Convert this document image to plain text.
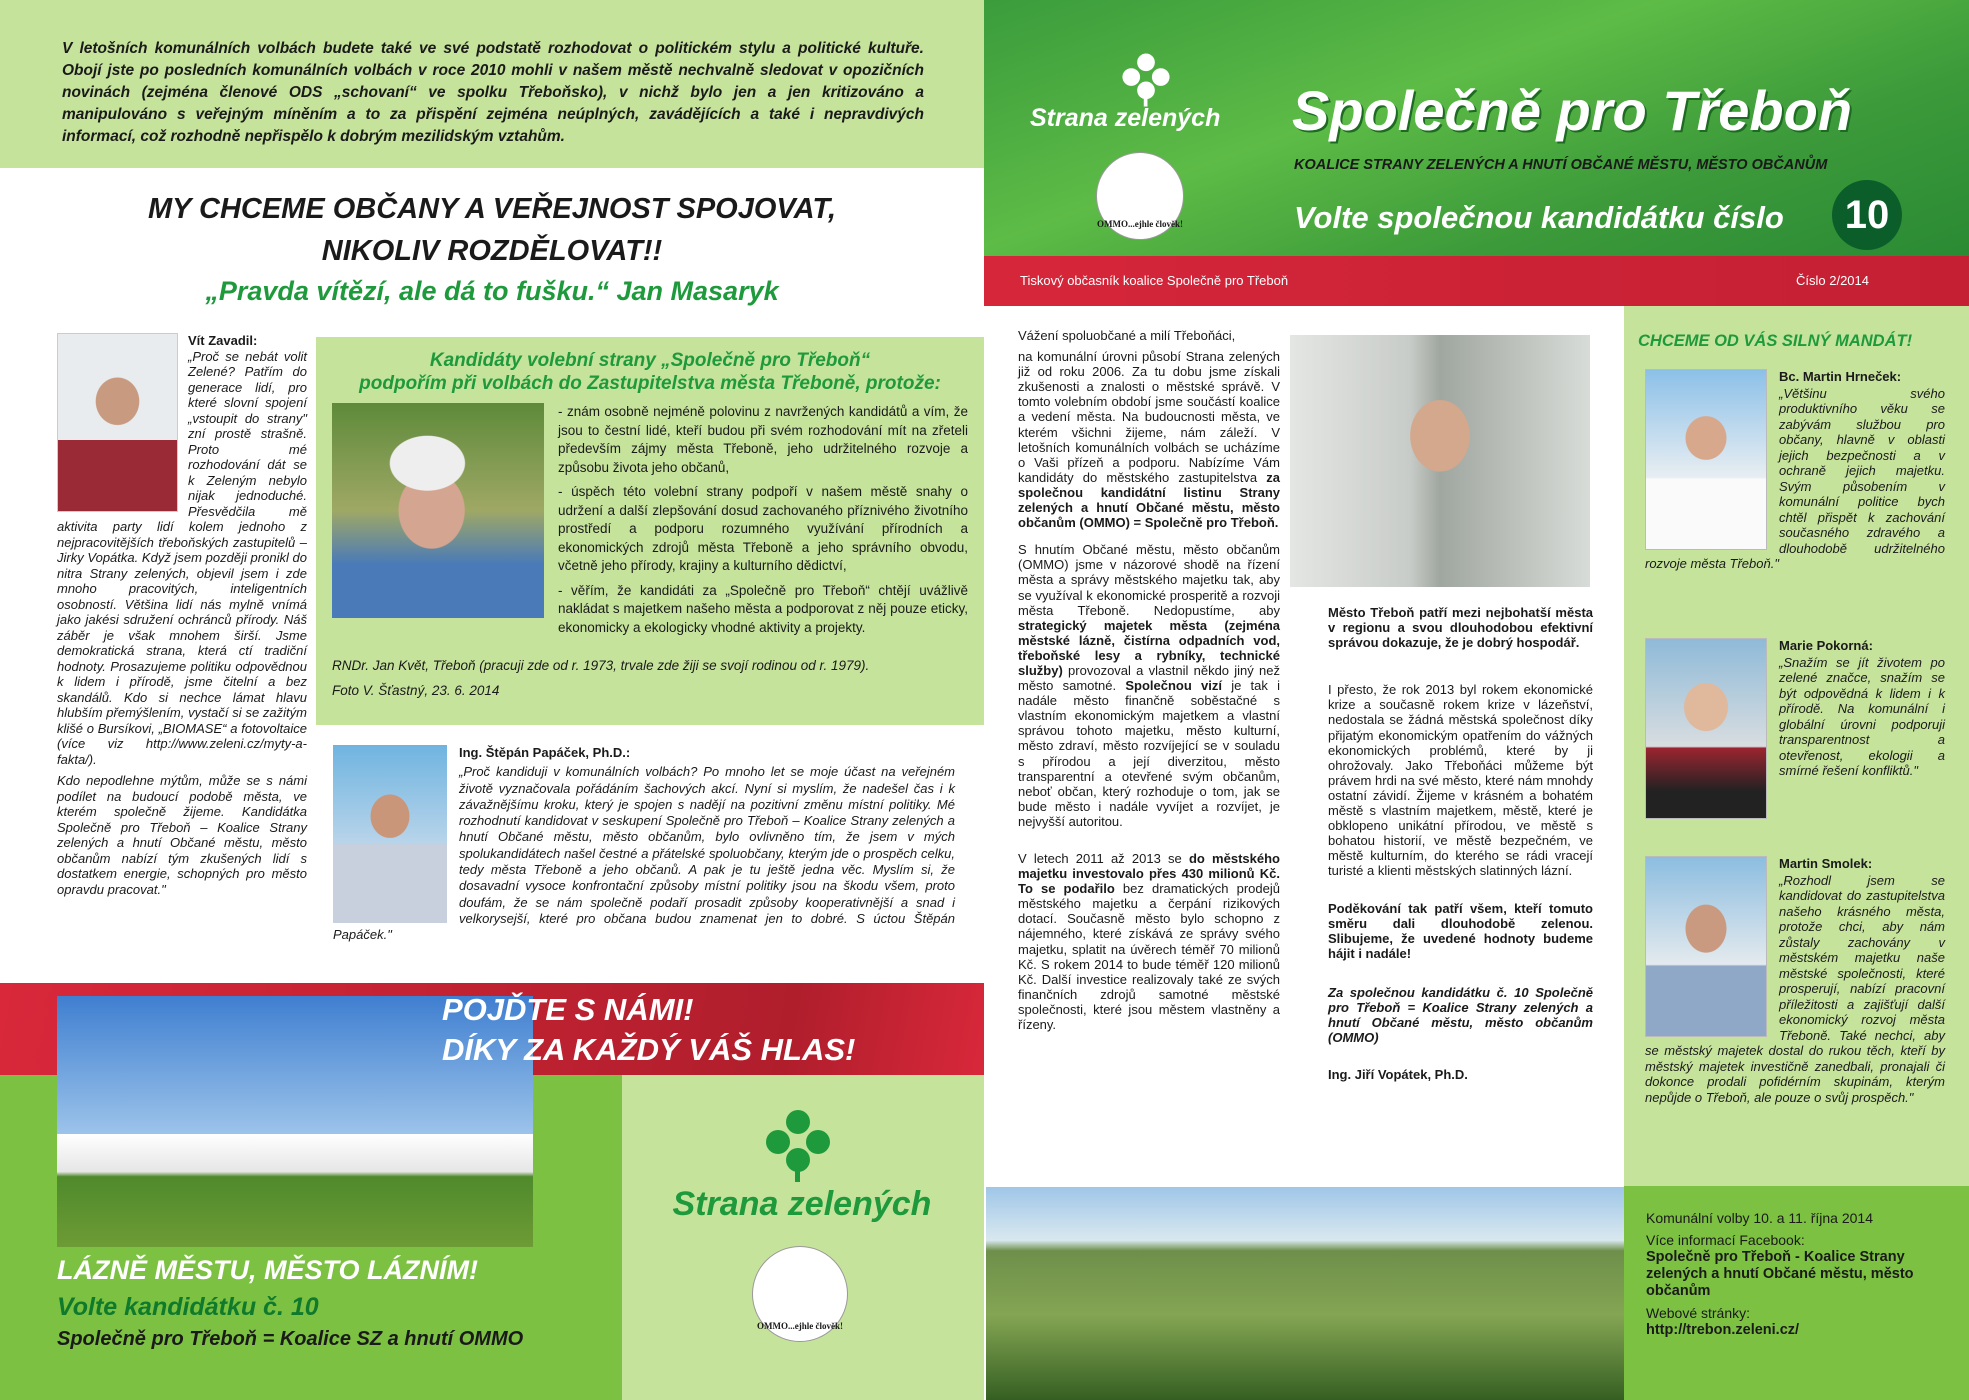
V letošních komunálních volbách budete také ve své podstatě rozhodovat o politickém stylu a politické kultuře. Obojí jste po posledních komunálních volbách v roce 2010 mohli v našem městě nechvalně sledovat v opozičních novinách (zejména členové ODS „schovaní“ ve spolku Třeboňsko), v nichž bylo jen a jen kritizováno a manipulováno s veřejným míněním a to za přispění zejména neúplných, zavádějících a také i nepravdivých informací, což rozhodně nepřispělo k dobrým mezilidským vztahům.
MY CHCEME OBČANY A VEŘEJNOST SPOJOVAT,
NIKOLIV ROZDĚLOVAT!!
„Pravda vítězí, ale dá to fušku.“ Jan Masaryk
Vít Zavadil:

„Proč se nebát volit Zelené? Patřím do generace lidí, pro které slovní spojení „vstoupit do strany" zní prostě strašně. Proto mé rozhodování dát se k Zeleným nebylo nijak jednoduché. Přesvědčila mě aktivita party lidí kolem jednoho z nejpracovitějších třeboňských zastupitelů – Jirky Vopátka. Když jsem později pronikl do nitra Strany zelených, objevil jsem i zde mnoho pracovitých, inteligentních osobností. Většina lidí nás mylně vnímá jako jakési sdružení ochránců přírody. Náš záběr je však mnohem širší. Jsme demokratická strana, která ctí tradiční hodnoty. Prosazujeme politiku odpovědnou k lidem i přírodě, jsme čitelní a bez skandálů. Kdo si nechce lámat hlavu hlubším přemýšlením, vystačí si se zažitým klišé o Bursíkovi, „BIOMASE“ a fotovoltaice (více viz http://www.zeleni.cz/myty-a-fakta/).

Kdo nepodlehne mýtům, může se s námi podílet na budoucí podobě města, ve kterém společně žijeme. Kandidátka Společně pro Třeboň – Koalice Strany zelených a hnutí Občané městu, město občanům nabízí tým zkušených lidí s dostatkem energie, schopných pro město opravdu pracovat."

Kandidáty volební strany „Společně pro Třeboň“
podpořím při volbách do Zastupitelstva města Třeboně, protože:

- znám osobně nejméně polovinu z navržených kandidátů a vím, že jsou to čestní lidé, kteří budou při svém rozhodování mít na zřeteli především zájmy města Třeboně, jeho udržitelného rozvoje a způsobu života jeho občanů,

- úspěch této volební strany podpoří v našem městě snahy o udržení a další zlepšování dosud zachovaného příznivého životního prostředí a podporu rozumného využívání přírodních a ekonomických zdrojů města Třeboně a jeho správního obvodu, včetně jeho přírody, krajiny a kulturního dědictví,

- věřím, že kandidáti za „Společně pro Třeboň“ chtějí uvážlivě nakládat s majetkem našeho města a podporovat z něj pouze eticky, ekonomicky a ekologicky vhodné aktivity a projekty.

RNDr. Jan Květ, Třeboň (pracuji zde od r. 1973, trvale zde žiji se svojí rodinou od r. 1979).

Foto V. Šťastný, 23. 6. 2014

Ing. Štěpán Papáček, Ph.D.:

„Proč kandiduji v komunálních volbách? Po mnoho let se moje účast na veřejném životě vyznačovala pořádáním šachových akcí. Nyní si myslím, že nadešel čas i k závažnějšímu kroku, který je spojen s nadějí na pozitivní změnu místní politiky. Mé rozhodnutí kandidovat v seskupení Společně pro Třeboň – Koalice Strany zelených a hnutí Občané městu, město občanům, bylo ovlivněno tím, že jsem v mých spolukandidátech našel čestné a přátelské spoluobčany, kterým jde o prospěch celku, tedy města Třeboně a jeho občanů. A pak je tu ještě jedna věc. Myslím si, že dosavadní vysoce konfrontační způsoby místní politiky jsou na škodu všem, proto doufám, že se nám společně podaří prosadit způsoby kooperativnější a snad i velkorysejší, které pro občana budou znamenat jen to dobré. S úctou Štěpán Papáček."

POJĎTE S NÁMI!
DÍKY ZA KAŽDÝ VÁŠ HLAS!
LÁZNĚ MĚSTU, MĚSTO LÁZNÍM!
Volte kandidátku č. 10
Společně pro Třeboň = Koalice SZ a hnutí OMMO
Strana zelených
OMMO...ejhle člověk!
Strana zelených
OMMO...ejhle člověk!
Společně pro Třeboň
KOALICE STRANY ZELENÝCH A HNUTÍ OBČANÉ MĚSTU, MĚSTO OBČANŮM
Volte společnou kandidátku číslo	10
Tiskový občasník koalice Společně pro Třeboň	Číslo 2/2014

Vážení spoluobčané a milí Třeboňáci,

na komunální úrovni působí Strana zelených již od roku 2006. Za tu dobu jsme získali zkušenosti a znalosti o městské správě. V tomto volebním období jsme součástí koalice a vedení města. Na budoucnosti města, ve kterém všichni žijeme, nám záleží. V letošních komunálních volbách se ucházíme o Vaši přízeň a podporu. Nabízíme Vám kandidáty do městského zastupitelstva za společnou kandidátní listinu Strany zelených a hnutí Občané městu, město občanům (OMMO) = Společně pro Třeboň.

S hnutím Občané městu, město občanům (OMMO) jsme v názorové shodě na řízení města a správy městského majetku tak, aby se využíval k ekonomické prosperitě a rozvoji města Třeboně. Nedopustíme, aby strategický majetek města (zejména městské lázně, čistírna odpadních vod, třeboňské lesy a rybníky, technické služby) provozoval a vlastnil někdo jiný než město samotné. Společnou vizí je tak i nadále město finančně soběstačné s vlastním ekonomickým majetkem a vlastní správou tohoto majetku, město kulturní, město zdraví, město rozvíjející se v souladu s přírodou a její diverzitou, město transparentní a otevřené svým občanům, neboť občan, který rozhoduje o tom, jak se bude město i nadále vyvíjet a rozvíjet, je nejvyšší autoritou.

V letech 2011 až 2013 se do městského majetku investovalo přes 430 milionů Kč. To se podařilo bez dramatických prodejů městského majetku a čerpání rizikových dotací. Současně město bylo schopno z nájemného, které získává ze správy svého majetku, splatit na úvěrech téměř 70 milionů Kč. S rokem 2014 to bude téměř 120 milionů Kč. Další investice realizovaly také ze svých finančních zdrojů samotné městské společnosti, které jsou městem vlastněny a řízeny.

Město Třeboň patří mezi nejbohatší města v regionu a svou dlouhodobou efektivní správou dokazuje, že je dobrý hospodář.

I přesto, že rok 2013 byl rokem ekonomické krize a současně rokem krize v lázeňství, nedostala se žádná městská společnost díky přijatým ekonomickým opatřením do vážných ekonomických problémů, které by ji ohrožovaly. Jako Třeboňáci můžeme být právem hrdi na své město, které nám mnohdy ostatní závidí. Žijeme v krásném a bohatém městě s vlastním majetkem, městě, které je obklopeno unikátní přírodou, ve městě s bohatou historií, ve městě bezpečném, ve městě kulturním, do kterého se rádi vracejí turisté a klienti městských slatinných lázní.

Poděkování tak patří všem, kteří tomuto směru dali dlouhodobě zelenou. Slibujeme, že uvedené hodnoty budeme hájit i nadále!

Za společnou kandidátku č. 10 Společně pro Třeboň = Koalice Strany zelených a hnutí Občané městu, město občanům (OMMO)

Ing. Jiří Vopátek, Ph.D.

CHCEME OD VÁS SILNÝ MANDÁT!
Bc. Martin Hrneček:
„Většinu svého produktivního věku se zabývám službou pro občany, hlavně v oblasti jejich bezpečnosti a v ochraně jejich majetku. Svým působením v komunální politice bych chtěl přispět k zachování současného zdravého a dlouhodobě udržitelného rozvoje města Třeboň."
Marie Pokorná:
„Snažím se jít životem po zelené značce, snažím se být odpovědná k lidem i k přírodě. Na komunální i globální úrovni podporuji transparentnost a otevřenost, ekologii a smírné řešení konfliktů."
Martin Smolek:
„Rozhodl jsem se kandidovat do zastupitelstva našeho krásného města, protože chci, aby nám zůstaly zachovány v městském majetku naše městské společnosti, které prosperují, nabízí pracovní příležitosti a zajišťují další ekonomický rozvoj města Třeboně. Také nechci, aby se městský majetek dostal do rukou těch, kteří by městský majetek investičně zanedbali, pronajali či dokonce prodali pofidérním skupinám, kterým nepůjde o Třeboň, ale pouze o svůj prospěch."
Komunální volby 10. a 11. října 2014
Více informací Facebook:
Společně pro Třeboň - Koalice Strany zelených a hnutí Občané městu, město občanům
Webové stránky:
http://trebon.zeleni.cz/
